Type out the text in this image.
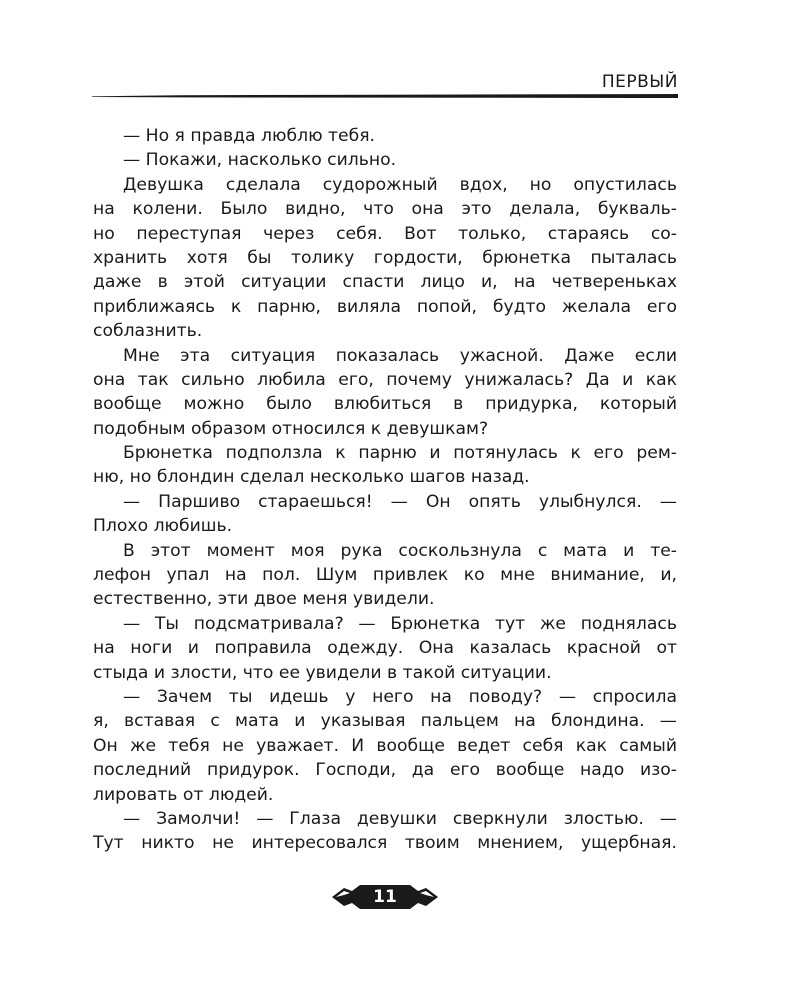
ПЕРВЫЙ
— Но я правда люблю тебя.
— Покажи, насколько сильно.
Девушка сделала судорожный вдох, но опустилась
на колени. Было видно, что она это делала, букваль-
но переступая через себя. Вот только, стараясь со-
хранить хотя бы толику гордости, брюнетка пыталась
даже в этой ситуации спасти лицо и, на четвереньках
приближаясь к парню, виляла попой, будто желала его
соблазнить.
Мне эта ситуация показалась ужасной. Даже если
она так сильно любила его, почему унижалась? Да и как
вообще можно было влюбиться в придурка, который
подобным образом относился к девушкам?
Брюнетка подползла к парню и потянулась к его рем-
ню, но блондин сделал несколько шагов назад.
— Паршиво стараешься! — Он опять улыбнулся. —
Плохо любишь.
В этот момент моя рука соскользнула с мата и те-
лефон упал на пол. Шум привлек ко мне внимание, и,
естественно, эти двое меня увидели.
— Ты подсматривала? — Брюнетка тут же поднялась
на ноги и поправила одежду. Она казалась красной от
стыда и злости, что ее увидели в такой ситуации.
— Зачем ты идешь у него на поводу? — спросила
я, вставая с мата и указывая пальцем на блондина. —
Он же тебя не уважает. И вообще ведет себя как самый
последний придурок. Господи, да его вообще надо изо-
лировать от людей.
— Замолчи! — Глаза девушки сверкнули злостью. —
Тут никто не интересовался твоим мнением, ущербная.
11
